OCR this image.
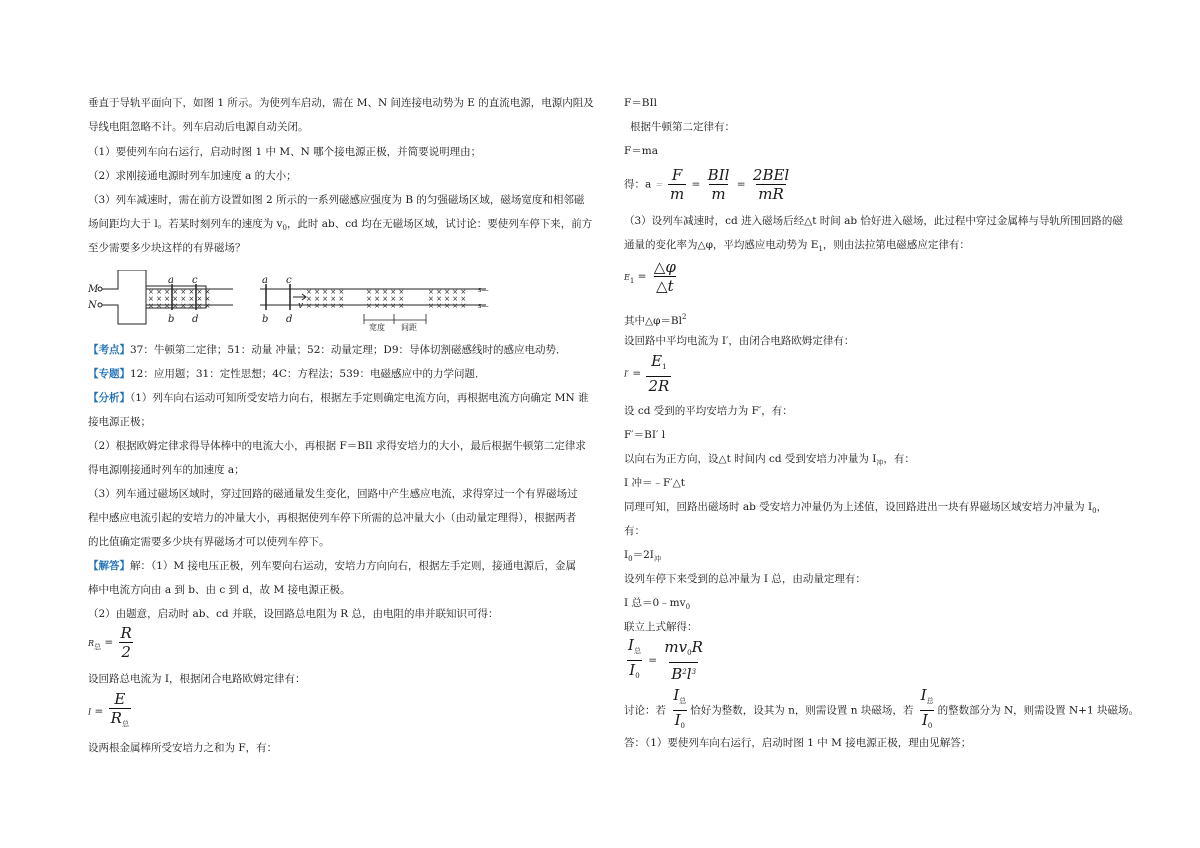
垂直于导轨平面向下，如图 1 所示。为使列车启动，需在 M、N 间连接电动势为 E 的直流电源，电源内阻及
导线电阻忽略不计。列车启动后电源自动关闭。
（1）要使列车向右运行，启动时图 1 中 M、N 哪个接电源正极，并简要说明理由；
（2）求刚接通电源时列车加速度 a 的大小；
（3）列车减速时，需在前方设置如图 2 所示的一系列磁感应强度为 B 的匀强磁场区域，磁场宽度和相邻磁
场间距均大于 l。若某时刻列车的速度为 $v_0$，此时 ab、cd 均在无磁场区域，试讨论：要使列车停下来，前方
至少需要多少块这样的有界磁场？
M
N
a c
b d
× × × × × × × ×
× × × × × × × ×
× × × × × × × ×
a c
b d
v
× × × × ×
× × × × ×
× × × × ×
× × × × ×
× × × × ×
× × × × ×
× × × × ×
× × × × ×
× × × × ×
s—
s—
宽度 间距
【考点】37：牛顿第二定律；51：动量 冲量；52：动量定理；D9：导体切割磁感线时的感应电动势．
【专题】12：应用题；31：定性思想；4C：方程法；539：电磁感应中的力学问题．
【分析】（1）列车向右运动可知所受安培力向右，根据左手定则确定电流方向，再根据电流方向确定 MN 谁
接电源正极；
（2）根据欧姆定律求得导体棒中的电流大小，再根据 F＝BIl 求得安培力的大小，最后根据牛顿第二定律求
得电源刚接通时列车的加速度 a；
（3）列车通过磁场区域时，穿过回路的磁通量发生变化，回路中产生感应电流，求得穿过一个有界磁场过
程中感应电流引起的安培力的冲量大小，再根据使列车停下所需的总冲量大小（由动量定理得），根据两者
的比值确定需要多少块有界磁场才可以使列车停下。
【解答】解：（1）M 接电压正极，列车要向右运动，安培力方向向右，根据左手定则，接通电源后，金属
棒中电流方向由 a 到 b、由 c 到 d，故 M 接电源正极。
（2）由题意，启动时 ab、cd 并联，设回路总电阻为 R 总，由电阻的串并联知识可得：
R总 = $\frac{R}{2}$
设回路总电流为 I，根据闭合电路欧姆定律有：
$I = \frac{E}{R_总}$
设两根金属棒所受安培力之和为 F，有：
F＝BIl
根据牛顿第二定律有：
F＝ma
得：$a = \frac{F}{m} = \frac{\text{BIl}}{m} = \frac{\text{2BEl}}{mR}$
（3）设列车减速时，cd 进入磁场后经△t 时间 ab 恰好进入磁场，此过程中穿过金属棒与导轨所围回路的磁
通量的变化率为△φ，平均感应电动势为 $E_1$，则由法拉第电磁感应定律有：
$E1 = \frac{\triangle\varphi}{\triangle t}$
其中$\triangle\varphi=Bl^2$
设回路中平均电流为 I′，由闭合电路欧姆定律有：
$I' = \frac{E_1}{2R}$
设 cd 受到的平均安培力为 F′，有：
F′＝BI′ l
以向右为正方向，设△t 时间内 cd 受到安培力冲量为 $I_冲$，有：
I 冲＝﹣F′△t
同理可知，回路出磁场时 ab 受安培力冲量仍为上述值，设回路进出一块有界磁场区域安培力冲量为 $I_0$，
有：
$I_0=2I_冲$
设列车停下来受到的总冲量为 I 总，由动量定理有：
I 总$=0﹣mv_0$
联立上式解得：
$\frac{I_总}{I_0} = \frac{mv_0R}{B^2l^3}$
讨论：若 $\frac{I_总}{I_0}$ 恰好为整数，设其为 n，则需设置 n 块磁场，若 $\frac{I_总}{I_0}$ 的整数部分为 N，则需设置 N+1 块磁场。
答：（1）要使列车向右运行，启动时图 1 中 M 接电源正极，理由见解答；
